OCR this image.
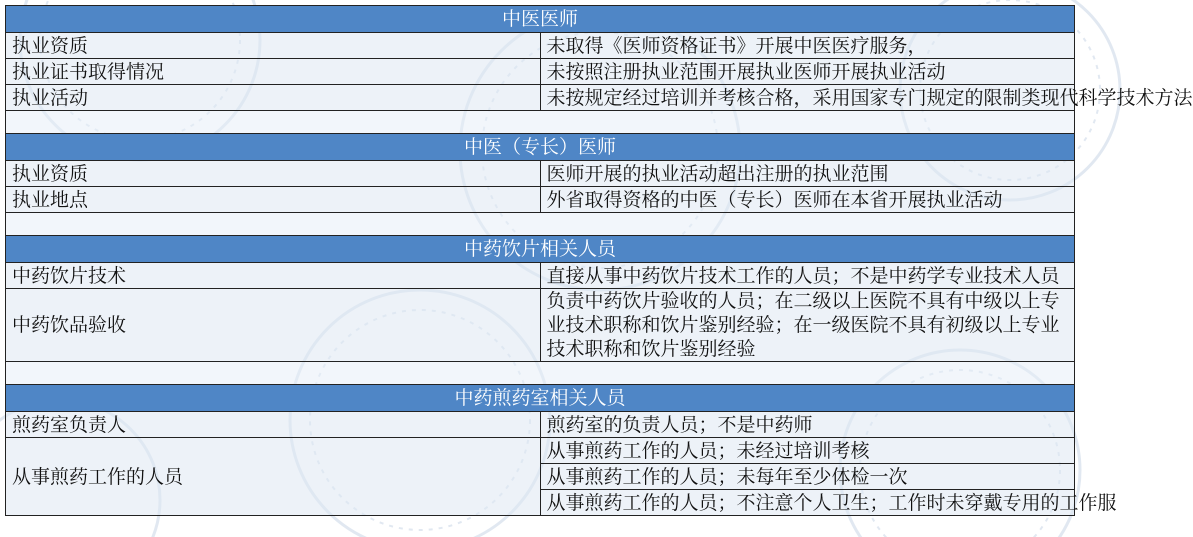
中医医师	
执业资质	未取得《医师资格证书》开展中医医疗服务，
执业证书取得情况	未按照注册执业范围开展执业医师开展执业活动
执业活动	未按规定经过培训并考核合格，采用国家专门规定的限制类现代科学技术方法

中医（专长）医师	
执业资质	医师开展的执业活动超出注册的执业范围
执业地点	外省取得资格的中医（专长）医师在本省开展执业活动

中药饮片相关人员	
中药饮片技术	直接从事中药饮片技术工作的人员；不是中药学专业技术人员
中药饮品验收	负责中药饮片验收的人员；在二级以上医院不具有中级以上专业技术职称和饮片鉴别经验；在一级医院不具有初级以上专业技术职称和饮片鉴别经验

中药煎药室相关人员	
煎药室负责人	煎药室的负责人员；不是中药师
从事煎药工作的人员	从事煎药工作的人员；未经过培训考核
	从事煎药工作的人员；未每年至少体检一次
	从事煎药工作的人员；不注意个人卫生；工作时未穿戴专用的工作服
